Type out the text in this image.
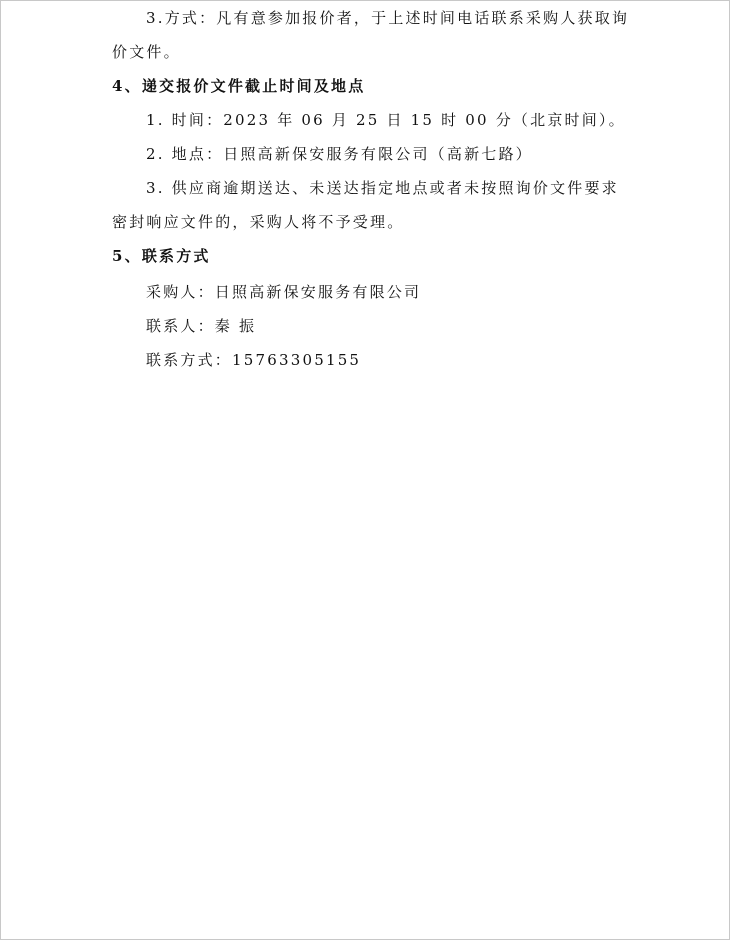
3.方式：凡有意参加报价者，于上述时间电话联系采购人获取询
价文件。
4、递交报价文件截止时间及地点
1. 时间：2023 年 06 月 25 日 15 时 00 分（北京时间）。
2. 地点：日照高新保安服务有限公司（高新七路）
3. 供应商逾期送达、未送达指定地点或者未按照询价文件要求
密封响应文件的，采购人将不予受理。
5、联系方式
采购人：日照高新保安服务有限公司
联系人：秦 振
联系方式：15763305155
